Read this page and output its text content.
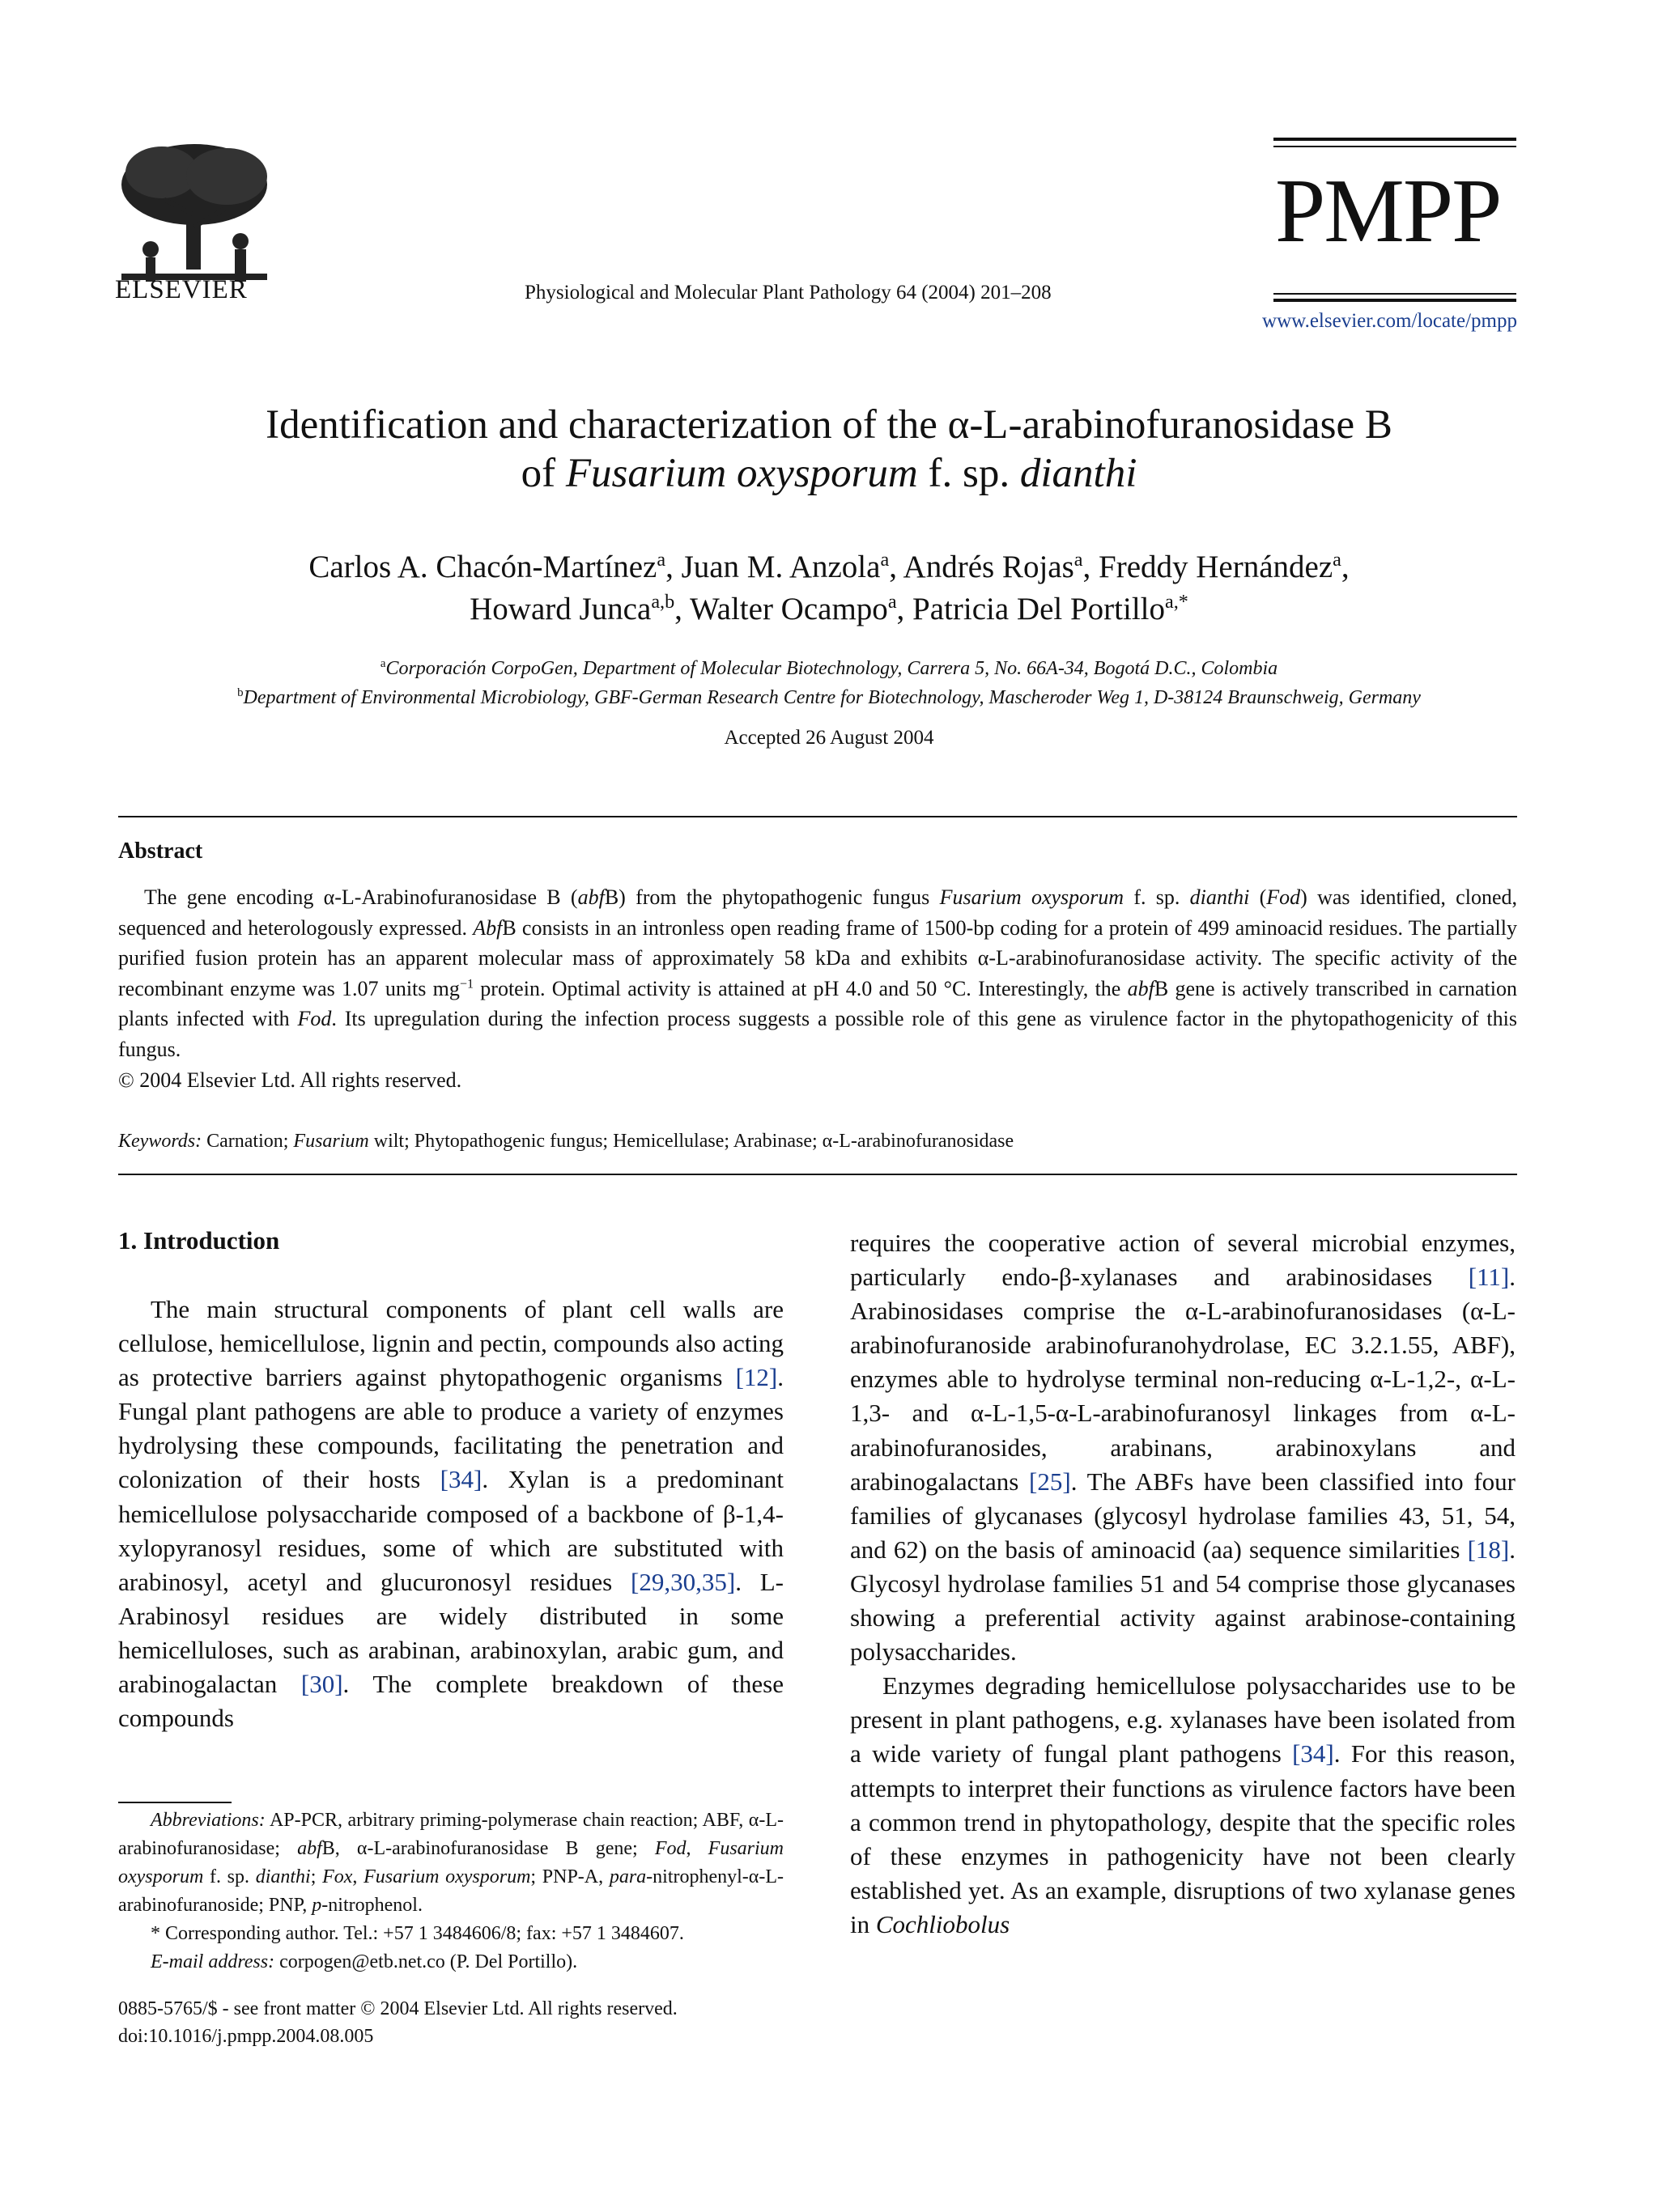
ELSEVIER	Physiological and Molecular Plant Pathology 64 (2004) 201–208
PMPP
www.elsevier.com/locate/pmpp
Identification and characterization of the α-L-arabinofuranosidase B
of Fusarium oxysporum f. sp. dianthi
Carlos A. Chacón-Martínez$^a$, Juan M. Anzola$^a$, Andrés Rojas$^a$, Freddy Hernández$^a$,
Howard Junca$^{a,b}$, Walter Ocampo$^a$, Patricia Del Portillo$^{a,*}$
$^a$Corporación CorpoGen, Department of Molecular Biotechnology, Carrera 5, No. 66A-34, Bogotá D.C., Colombia
$^b$Department of Environmental Microbiology, GBF-German Research Centre for Biotechnology, Mascheroder Weg 1, D-38124 Braunschweig, Germany
Accepted 26 August 2004
Abstract

The gene encoding α-L-Arabinofuranosidase B (abfB) from the phytopathogenic fungus Fusarium oxysporum f. sp. dianthi (Fod) was identified, cloned, sequenced and heterologously expressed. AbfB consists in an intronless open reading frame of 1500-bp coding for a protein of 499 aminoacid residues. The partially purified fusion protein has an apparent molecular mass of approximately 58 kDa and exhibits α-L-arabinofuranosidase activity. The specific activity of the recombinant enzyme was 1.07 units $mg^{-1}$ protein. Optimal activity is attained at pH 4.0 and 50 °C. Interestingly, the abfB gene is actively transcribed in carnation plants infected with Fod. Its upregulation during the infection process suggests a possible role of this gene as virulence factor in the phytopathogenicity of this fungus.

© 2004 Elsevier Ltd. All rights reserved.
Keywords: Carnation; Fusarium wilt; Phytopathogenic fungus; Hemicellulase; Arabinase; α-L-arabinofuranosidase
1. Introduction

The main structural components of plant cell walls are cellulose, hemicellulose, lignin and pectin, compounds also acting as protective barriers against phytopathogenic organisms [12]. Fungal plant pathogens are able to produce a variety of enzymes hydrolysing these compounds, facilitating the penetration and colonization of their hosts [34]. Xylan is a predominant hemicellulose polysaccharide composed of a backbone of β-1,4-xylopyranosyl residues, some of which are substituted with arabinosyl, acetyl and glucuronosyl residues [29,30,35]. L-Arabinosyl residues are widely distributed in some hemicelluloses, such as arabinan, arabinoxylan, arabic gum, and arabinogalactan [30]. The complete breakdown of these compounds

requires the cooperative action of several microbial enzymes, particularly endo-β-xylanases and arabinosidases [11]. Arabinosidases comprise the α-L-arabinofuranosidases (α-L-arabinofuranoside arabinofuranohydrolase, EC 3.2.1.55, ABF), enzymes able to hydrolyse terminal non-reducing α-L-1,2-, α-L-1,3- and α-L-1,5-α-L-arabinofuranosyl linkages from α-L-arabinofuranosides, arabinans, arabinoxylans and arabinogalactans [25]. The ABFs have been classified into four families of glycanases (glycosyl hydrolase families 43, 51, 54, and 62) on the basis of aminoacid (aa) sequence similarities [18]. Glycosyl hydrolase families 51 and 54 comprise those glycanases showing a preferential activity against arabinose-containing polysaccharides.

Enzymes degrading hemicellulose polysaccharides use to be present in plant pathogens, e.g. xylanases have been isolated from a wide variety of fungal plant pathogens [34]. For this reason, attempts to interpret their functions as virulence factors have been a common trend in phytopathology, despite that the specific roles of these enzymes in pathogenicity have not been clearly established yet. As an example, disruptions of two xylanase genes in Cochliobolus

Abbreviations: AP-PCR, arbitrary priming-polymerase chain reaction; ABF, α-L-arabinofuranosidase; abfB, α-L-arabinofuranosidase B gene; Fod, Fusarium oxysporum f. sp. dianthi; Fox, Fusarium oxysporum; PNP-A, para-nitrophenyl-α-L-arabinofuranoside; PNP, p-nitrophenol.

* Corresponding author. Tel.: +57 1 3484606/8; fax: +57 1 3484607.

E-mail address: corpogen@etb.net.co (P. Del Portillo).

0885-5765/$ - see front matter © 2004 Elsevier Ltd. All rights reserved.

doi:10.1016/j.pmpp.2004.08.005
